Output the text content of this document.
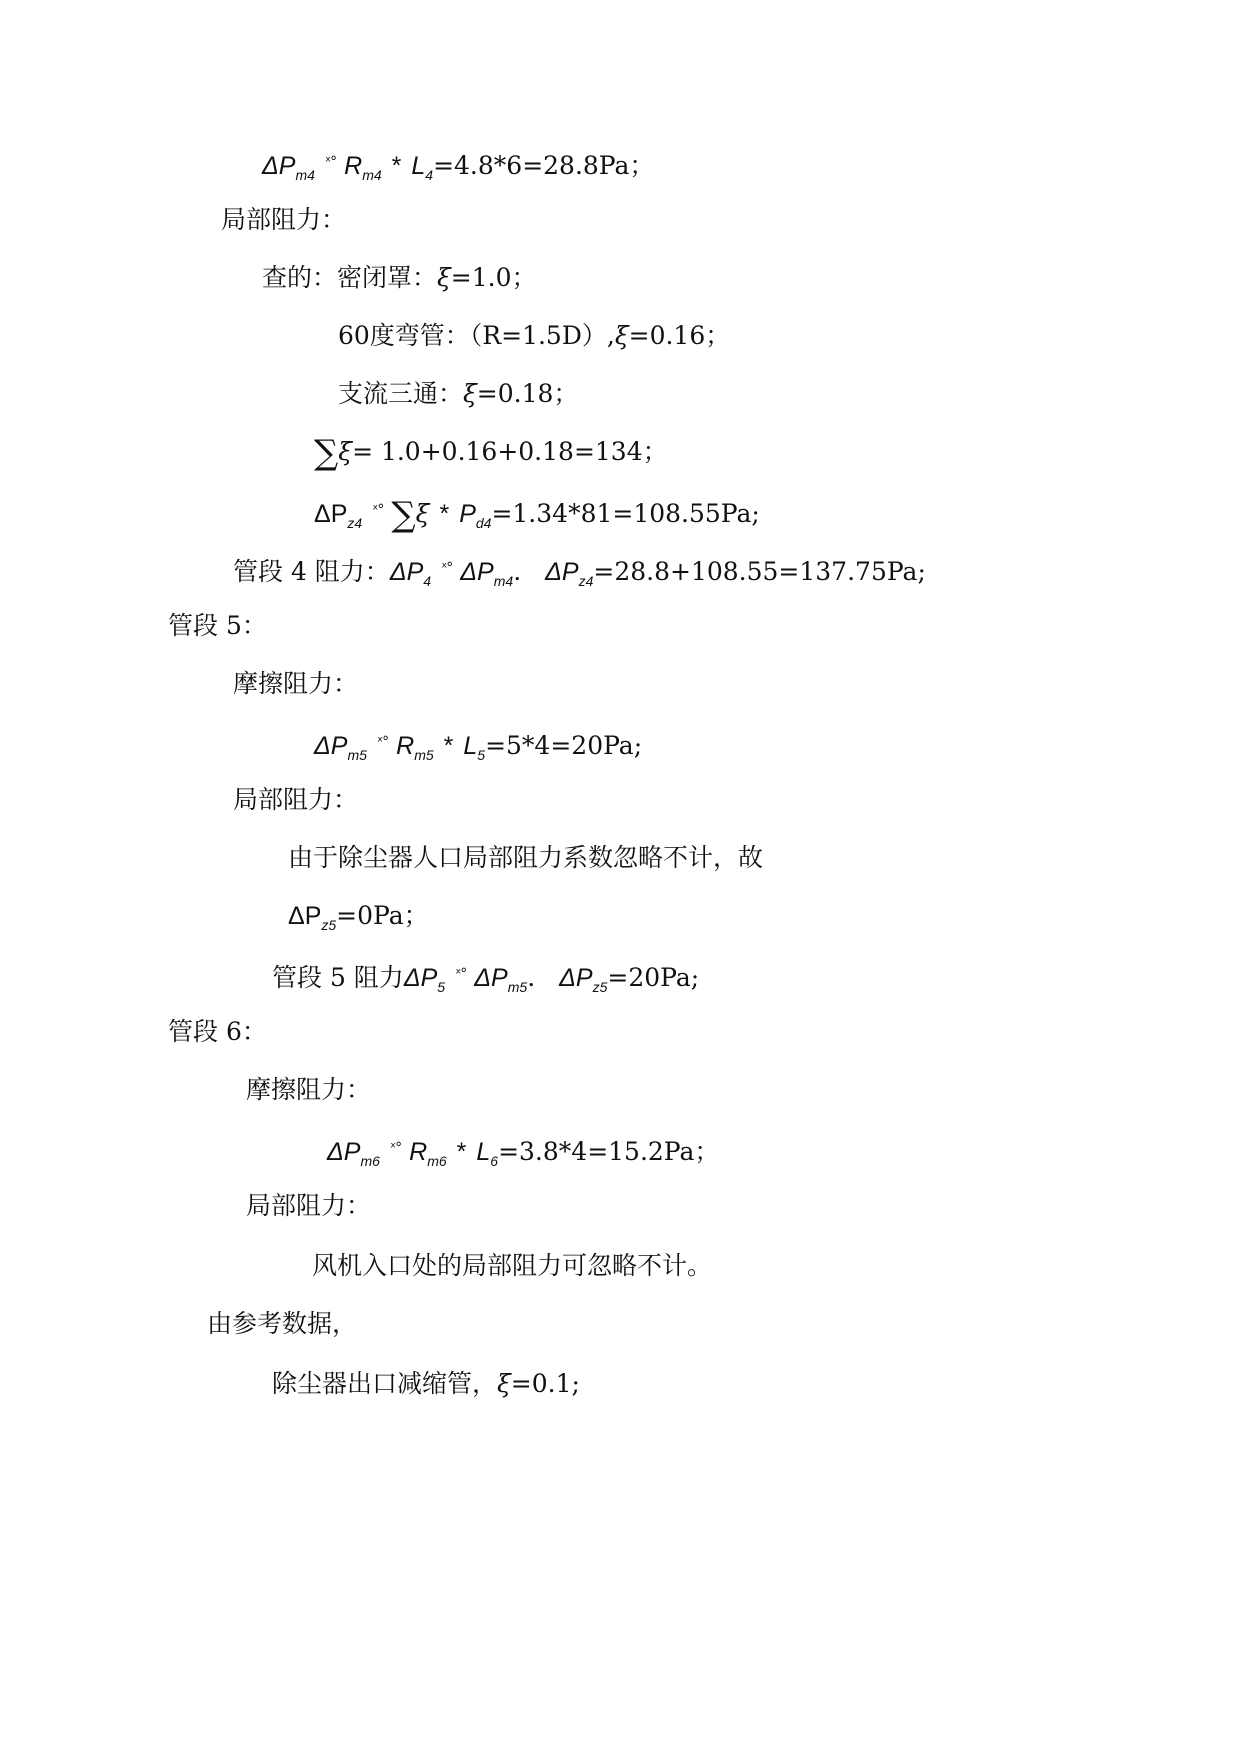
$\Delta P_{m4}^{ˣ^\circ}$ $R_{m4} * L_4=4.8*6=28.8Pa$；
局部阻力：
查的：密闭罩：ξ=1.0；
60度弯管：（R=1.5D）,ξ=0.16；
支流三通：ξ=0.18；
∑ξ= 1.0+0.16+0.18=134；
$\Delta P_{z4}^{ˣ^\circ}$ $\sum\xi * P_{d4}=1.34*81=108.55Pa$;
管段 4 阻力：$\Delta P_4^{ˣ^\circ}$ $\Delta P_{m4}$. $\Delta P_{z4}=28.8+108.55=137.75Pa$;
管段 5：
摩擦阻力：
$\Delta P_{m5}^{ˣ^\circ}$ $R_{m5} * L_5=5*4=20Pa$;
局部阻力：
由于除尘器人口局部阻力系数忽略不计，故
$\Delta P_{z5}=0Pa$；
管段 5 阻力$\Delta P_5^{ˣ^\circ}$ $\Delta P_{m5}$. $\Delta P_{z5}=20Pa$;
管段 6：
摩擦阻力：
$\Delta P_{m6}^{ˣ^\circ}$ $R_{m6} * L_6=3.8*4=15.2Pa$；
局部阻力：
风机入口处的局部阻力可忽略不计。
由参考数据，
除尘器出口减缩管，ξ=0.1;
